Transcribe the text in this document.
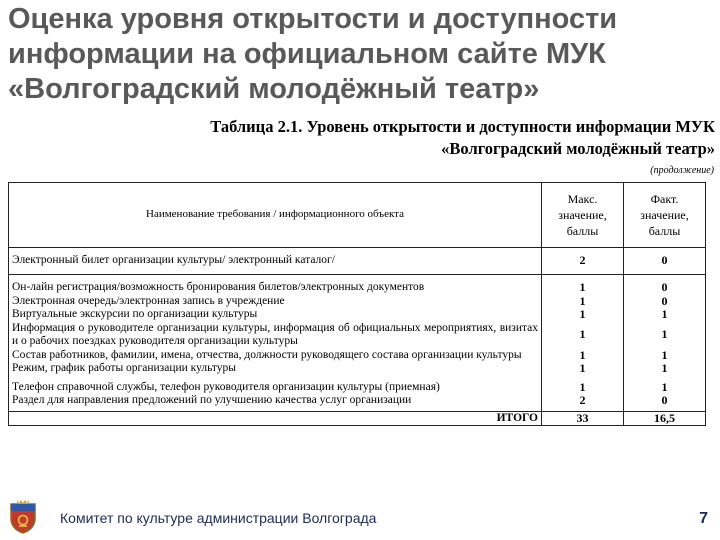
Оценка уровня открытости и доступности информации на официальном сайте МУК «Волгоградский молодёжный театр»
Таблица 2.1. Уровень открытости и доступности информации МУК
«Волгоградский молодёжный театр»
(продолжение)
Наименование требования / информационного объекта	Макс. значение, баллы	Факт. значение, баллы
Электронный билет организации культуры/ электронный каталог/	2	0
Он-лайн регистрация/возможность бронирования билетов/электронных документов	1	0
Электронная очередь/электронная запись в учреждение	1	0
Виртуальные экскурсии по организации культуры	1	1
Информация о руководителе организации культуры, информация об официальных мероприятиях, визитах и о рабочих поездках руководителя организации культуры	1	1
Состав работников, фамилии, имена, отчества, должности руководящего состава организации культуры	1	1
Режим, график работы организации культуры	1	1
Телефон справочной службы, телефон руководителя организации культуры (приемная)	1	1
Раздел для направления предложений по улучшению качества услуг организации	2	0
ИТОГО	33	16,5
Комитет по культуре администрации Волгограда	7
